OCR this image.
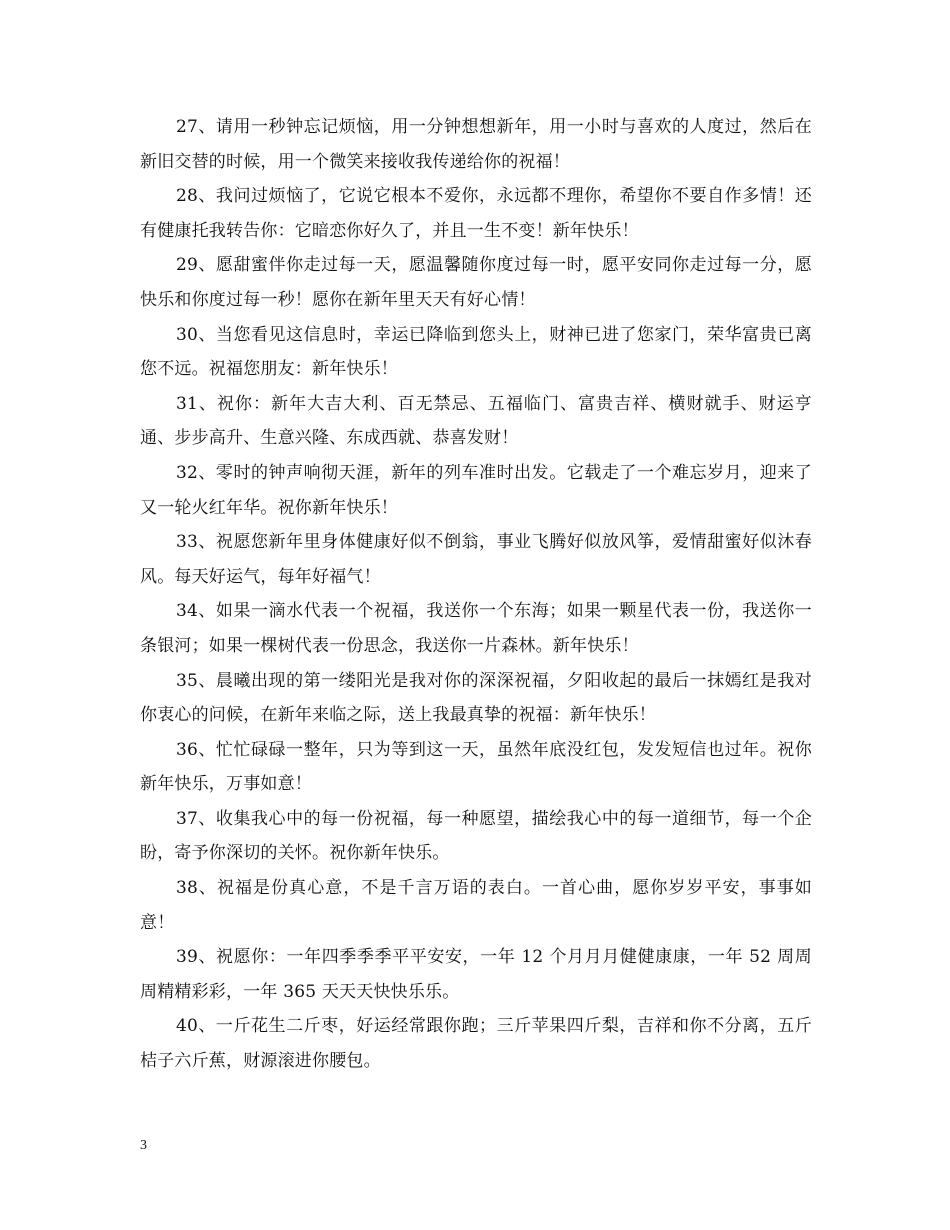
27、请用一秒钟忘记烦恼，用一分钟想想新年，用一小时与喜欢的人度过，然后在新旧交替的时候，用一个微笑来接收我传递给你的祝福！

28、我问过烦恼了，它说它根本不爱你，永远都不理你，希望你不要自作多情！还有健康托我转告你：它暗恋你好久了，并且一生不变！新年快乐！

29、愿甜蜜伴你走过每一天，愿温馨随你度过每一时，愿平安同你走过每一分，愿快乐和你度过每一秒！愿你在新年里天天有好心情！

30、当您看见这信息时，幸运已降临到您头上，财神已进了您家门，荣华富贵已离您不远。祝福您朋友：新年快乐！

31、祝你：新年大吉大利、百无禁忌、五福临门、富贵吉祥、横财就手、财运亨通、步步高升、生意兴隆、东成西就、恭喜发财！

32、零时的钟声响彻天涯，新年的列车准时出发。它载走了一个难忘岁月，迎来了又一轮火红年华。祝你新年快乐！

33、祝愿您新年里身体健康好似不倒翁，事业飞腾好似放风筝，爱情甜蜜好似沐春风。每天好运气，每年好福气！

34、如果一滴水代表一个祝福，我送你一个东海；如果一颗星代表一份，我送你一条银河；如果一棵树代表一份思念，我送你一片森林。新年快乐！

35、晨曦出现的第一缕阳光是我对你的深深祝福，夕阳收起的最后一抹嫣红是我对你衷心的问候，在新年来临之际，送上我最真挚的祝福：新年快乐！

36、忙忙碌碌一整年，只为等到这一天，虽然年底没红包，发发短信也过年。祝你新年快乐，万事如意！

37、收集我心中的每一份祝福，每一种愿望，描绘我心中的每一道细节，每一个企盼，寄予你深切的关怀。祝你新年快乐。

38、祝福是份真心意，不是千言万语的表白。一首心曲，愿你岁岁平安，事事如意！

39、祝愿你：一年四季季季平平安安，一年 12 个月月月健健康康，一年 52 周周周精精彩彩，一年 365 天天天快快乐乐。

40、一斤花生二斤枣，好运经常跟你跑；三斤苹果四斤梨，吉祥和你不分离，五斤桔子六斤蕉，财源滚进你腰包。

3
